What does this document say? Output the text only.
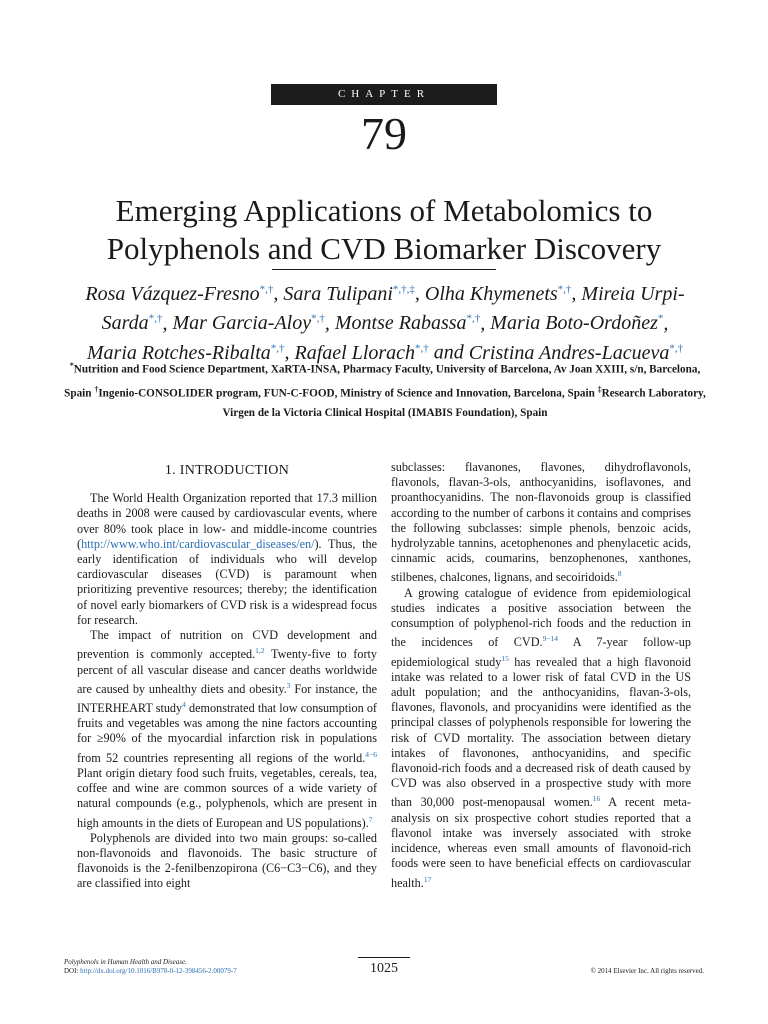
CHAPTER
79
Emerging Applications of Metabolomics to
Polyphenols and CVD Biomarker Discovery
Rosa Vázquez-Fresno*,†, Sara Tulipani*,†,‡, Olha Khymenets*,†, Mireia Urpi-Sarda*,†, Mar Garcia-Aloy*,†, Montse Rabassa*,†, Maria Boto-Ordoñez*, Maria Rotches-Ribalta*,†, Rafael Llorach*,† and Cristina Andres-Lacueva*,†
*Nutrition and Food Science Department, XaRTA-INSA, Pharmacy Faculty, University of Barcelona, Av Joan XXIII, s/n, Barcelona, Spain †Ingenio-CONSOLIDER program, FUN-C-FOOD, Ministry of Science and Innovation, Barcelona, Spain ‡Research Laboratory, Virgen de la Victoria Clinical Hospital (IMABIS Foundation), Spain
1. INTRODUCTION

The World Health Organization reported that 17.3 million deaths in 2008 were caused by cardiovascular events, where over 80% took place in low- and middle-income countries (http://www.who.int/cardiovascular_diseases/en/). Thus, the early identification of individuals who will develop cardiovascular diseases (CVD) is paramount when prioritizing preventive resources; thereby; the identification of novel early biomarkers of CVD risk is a widespread focus for research.

The impact of nutrition on CVD development and prevention is commonly accepted.$^{1,2}$ Twenty-five to forty percent of all vascular disease and cancer deaths worldwide are caused by unhealthy diets and obesity.$^3$ For instance, the INTERHEART study$^4$ demonstrated that low consumption of fruits and vegetables was among the nine factors accounting for ≥90% of the myocardial infarction risk in populations from 52 countries representing all regions of the world.$^{4-6}$ Plant origin dietary food such fruits, vegetables, cereals, tea, coffee and wine are common sources of a wide variety of natural compounds (e.g., polyphenols, which are present in high amounts in the diets of European and US populations).$^7$

Polyphenols are divided into two main groups: so-called non-flavonoids and flavonoids. The basic structure of flavonoids is the 2-fenilbenzopirona (C6−C3−C6), and they are classified into eight

subclasses: flavanones, flavones, dihydroflavonols, flavonols, flavan-3-ols, anthocyanidins, isoflavones, and proanthocyanidins. The non-flavonoids group is classified according to the number of carbons it contains and comprises the following subclasses: simple phenols, benzoic acids, hydrolyzable tannins, acetophenones and phenylacetic acids, cinnamic acids, coumarins, benzophenones, xanthones, stilbenes, chalcones, lignans, and secoiridoids.$^8$

A growing catalogue of evidence from epidemiological studies indicates a positive association between the consumption of polyphenol-rich foods and the reduction in the incidences of CVD.$^{9-14}$ A 7-year follow-up epidemiological study$^{15}$ has revealed that a high flavonoid intake was related to a lower risk of fatal CVD in the US adult population; and the anthocyanidins, flavan-3-ols, flavones, flavonols, and procyanidins were identified as the principal classes of polyphenols responsible for lowering the risk of CVD mortality. The association between dietary intakes of flavonones, anthocyanidins, and specific flavonoid-rich foods and a decreased risk of death caused by CVD was also observed in a prospective study with more than 30,000 post-menopausal women.$^{16}$ A recent meta-analysis on six prospective cohort studies reported that a flavonol intake was inversely associated with stroke incidence, whereas even small amounts of flavonoid-rich foods were seen to have beneficial effects on cardiovascular health.$^{17}$

Polyphenols in Human Health and Disease.
DOI: http://dx.doi.org/10.1016/B978-0-12-398456-2.00079-7	1025	© 2014 Elsevier Inc. All rights reserved.
